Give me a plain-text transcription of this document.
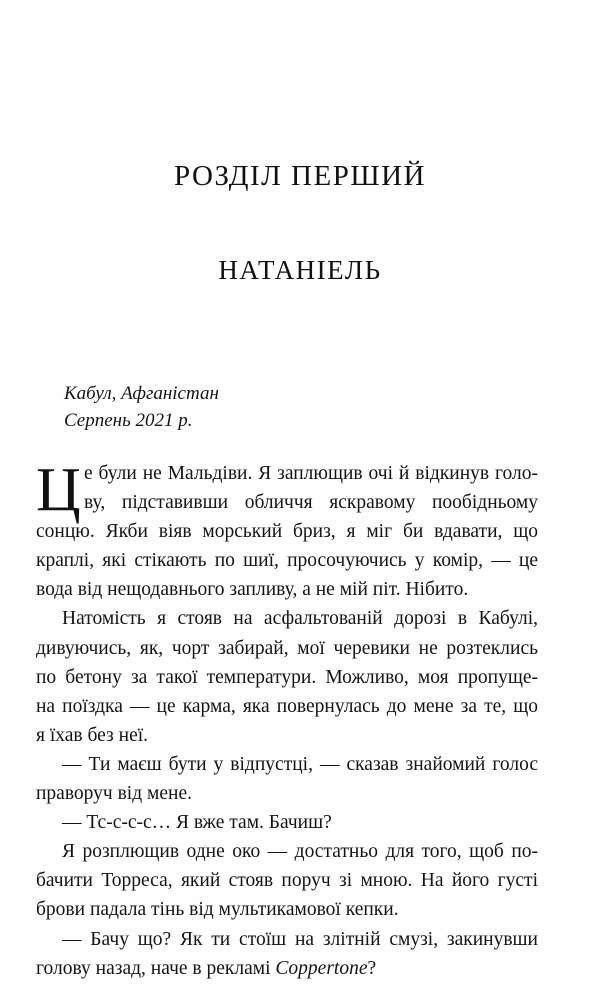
РОЗДІЛ ПЕРШИЙ
НАТАНІЕЛЬ
Кабул, Афганістан
Серпень 2021 р.
Ц е були не Мальдіви. Я заплющив очі й відкинув голо-
ву, підставивши обличчя яскравому пообідньому
сонцю. Якби віяв морський бриз, я міг би вдавати, що
краплі, які стікають по шиї, просочуючись у комір, — це
вода від нещодавнього запливу, а не мій піт. Нібито.
Натомість я стояв на асфальтованій дорозі в Кабулі,
дивуючись, як, чорт забирай, мої черевики не розтеклись
по бетону за такої температури. Можливо, моя пропуще-
на поїздка — це карма, яка повернулась до мене за те, що
я їхав без неї.
— Ти маєш бути у відпустці, — сказав знайомий голос
праворуч від мене.
— Тс-с-с-с… Я вже там. Бачиш?
Я розплющив одне око — достатньо для того, щоб по-
бачити Торреса, який стояв поруч зі мною. На його густі
брови падала тінь від мультикамової кепки.
— Бачу що? Як ти стоїш на злітній смузі, закинувши
голову назад, наче в рекламі Coppertone?
